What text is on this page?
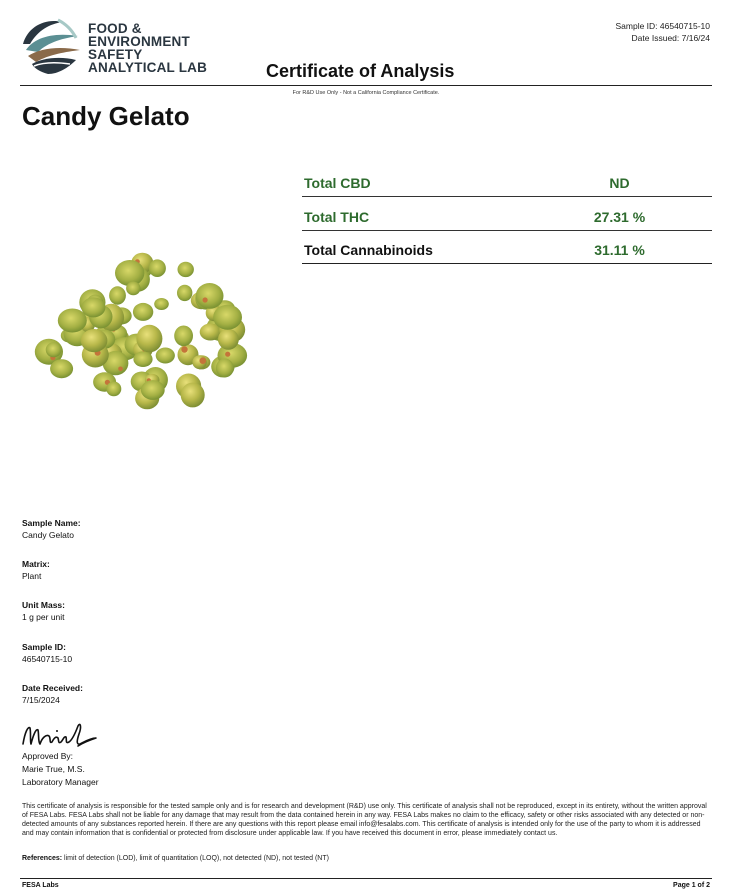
FOOD &
ENVIRONMENT
SAFETY
ANALYTICAL LAB
Sample ID: 46540715-10
Date Issued: 7/16/24
Certificate of Analysis
For R&D Use Only - Not a California Compliance Certificate.
Candy Gelato
Total CBD	ND
Total THC	27.31 %
Total Cannabinoids	31.11 %
Sample Name:
Candy Gelato
Matrix:
Plant
Unit Mass:
1 g per unit
Sample ID:
46540715-10
Date Received:
7/15/2024
Approved By:
Marie True, M.S.
Laboratory Manager
This certificate of analysis is responsible for the tested sample only and is for research and development (R&D) use only. This certificate of analysis shall not be reproduced, except in its entirety, without the written approval of FESA Labs. FESA Labs shall not be liable for any damage that may result from the data contained herein in any way. FESA Labs makes no claim to the efficacy, safety or other risks associated with any detected or non-detected amounts of any substances reported herein. If there are any questions with this report please email info@fesalabs.com. This certificate of analysis is intended only for the use of the party to whom it is addressed and may contain information that is confidential or protected from disclosure under applicable law. If you have received this document in error, please immediately contact us.
References: limit of detection (LOD), limit of quantitation (LOQ), not detected (ND), not tested (NT)
FESA Labs	Page 1 of 2
